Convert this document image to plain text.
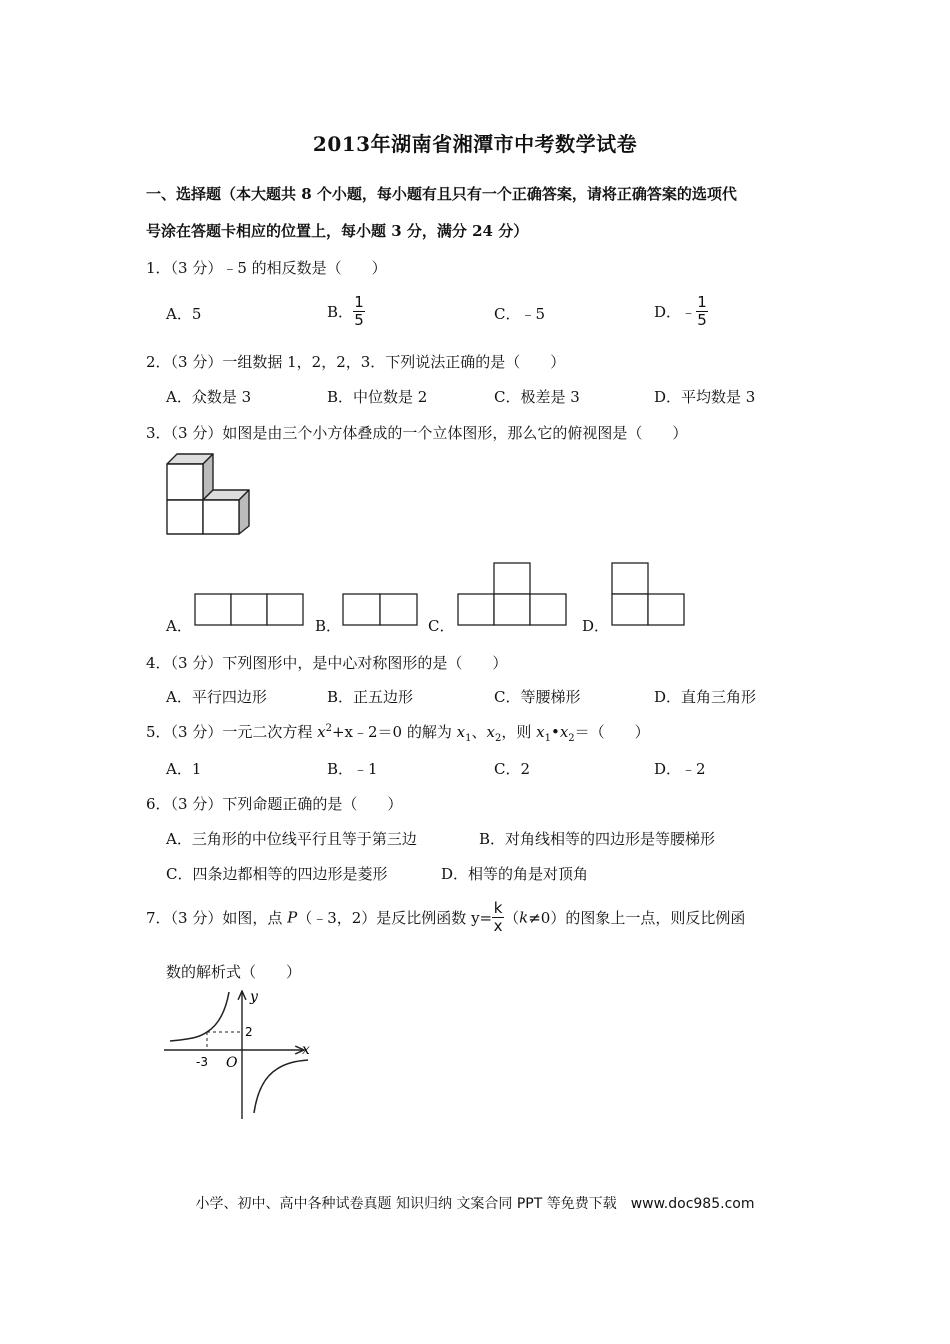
2013年湖南省湘潭市中考数学试卷
一、选择题（本大题共 8 个小题，每小题有且只有一个正确答案，请将正确答案的选项代
号涂在答题卡相应的位置上，每小题 3 分，满分 24 分）
1．（3 分）﹣5 的相反数是（　　）
A．5	B． $\frac{1}{5}$	C．﹣5	D．﹣ $\frac{1}{5}$
2．（3 分）一组数据 1，2，2，3．下列说法正确的是（　　）
A．众数是 3	B．中位数是 2	C．极差是 3	D．平均数是 3
3．（3 分）如图是由三个小方体叠成的一个立体图形，那么它的俯视图是（　　）
A．	B．	C．	D．
4．（3 分）下列图形中，是中心对称图形的是（　　）
A．平行四边形	B．正五边形	C．等腰梯形	D．直角三角形
5．（3 分）一元二次方程 $x^2+x﹣2=0$ 的解为 $x_1$、$x_2$，则 $x_1•x_2=$（　　）
A．1	B．﹣1	C．2	D．﹣2
6．（3 分）下列命题正确的是（　　）
A．三角形的中位线平行且等于第三边	B．对角线相等的四边形是等腰梯形
C．四条边都相等的四边形是菱形	D．相等的角是对顶角
7．（3 分）如图，点 P（﹣3，2）是反比例函数 $y= \frac{k}{x} (k\ne 0)$的图象上一点，则反比例函
数的解析式（　　）
y
x
O
-3
2
小学、初中、高中各种试卷真题 知识归纳 文案合同 PPT 等免费下载　www.doc985.com
